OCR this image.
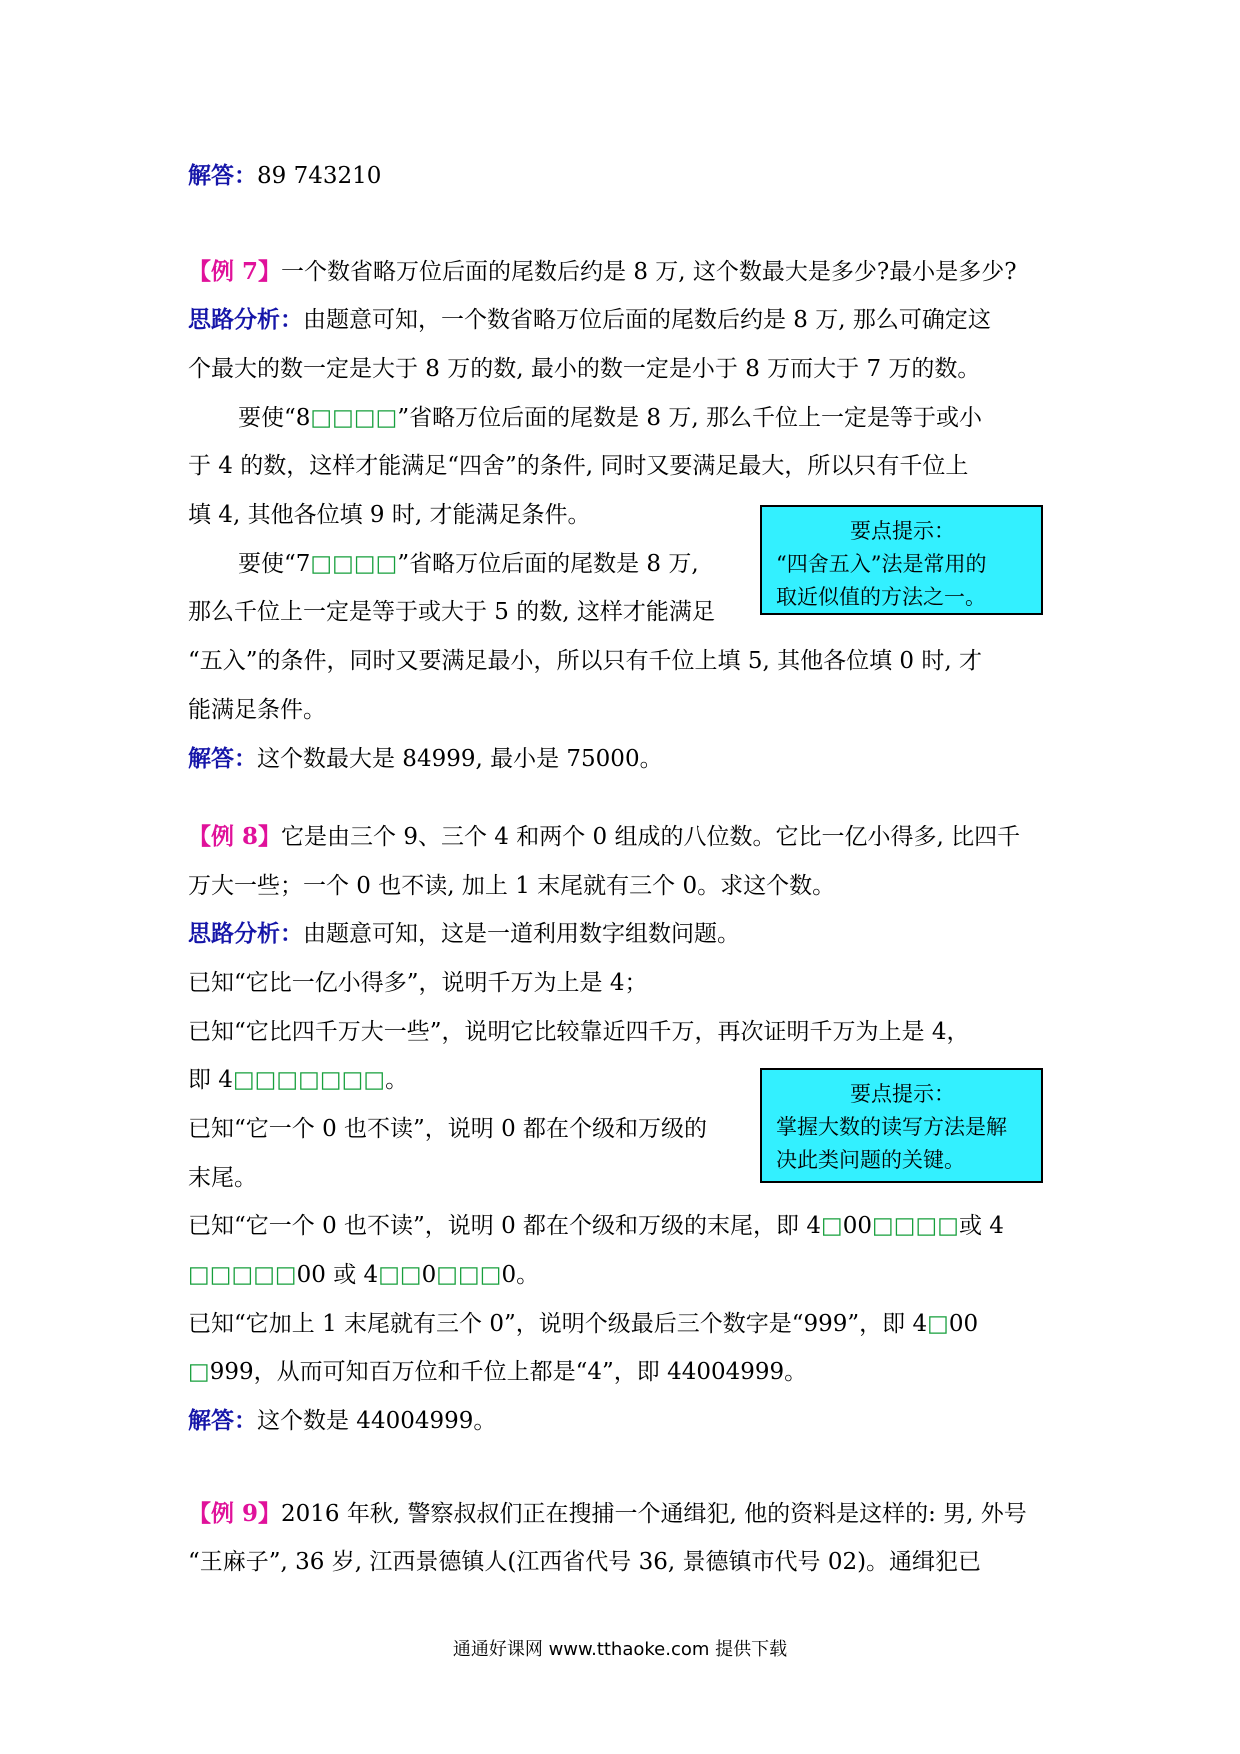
解答：89 743210
【例 7】一个数省略万位后面的尾数后约是 8 万, 这个数最大是多少?最小是多少?
思路分析：由题意可知，一个数省略万位后面的尾数后约是 8 万, 那么可确定这
个最大的数一定是大于 8 万的数, 最小的数一定是小于 8 万而大于 7 万的数。
要使“8□□□□”省略万位后面的尾数是 8 万, 那么千位上一定是等于或小
于 4 的数，这样才能满足“四舍”的条件, 同时又要满足最大，所以只有千位上
填 4, 其他各位填 9 时, 才能满足条件。
要使“7□□□□”省略万位后面的尾数是 8 万,
那么千位上一定是等于或大于 5 的数, 这样才能满足
“五入”的条件，同时又要满足最小，所以只有千位上填 5, 其他各位填 0 时, 才
能满足条件。
解答：这个数最大是 84999, 最小是 75000。
要点提示：
“四舍五入”法是常用的
取近似值的方法之一。
【例 8】它是由三个 9、三个 4 和两个 0 组成的八位数。它比一亿小得多, 比四千
万大一些；一个 0 也不读, 加上 1 末尾就有三个 0。求这个数。
思路分析：由题意可知，这是一道利用数字组数问题。
已知“它比一亿小得多”，说明千万为上是 4；
已知“它比四千万大一些”，说明它比较靠近四千万，再次证明千万为上是 4，
即 4□□□□□□□。
已知“它一个 0 也不读”，说明 0 都在个级和万级的
末尾。
已知“它一个 0 也不读”，说明 0 都在个级和万级的末尾，即 4□00□□□□或 4
□□□□□00 或 4□□0□□□0。
已知“它加上 1 末尾就有三个 0”，说明个级最后三个数字是“999”，即 4□00
□999，从而可知百万位和千位上都是“4”，即 44004999。
解答：这个数是 44004999。
要点提示：
掌握大数的读写方法是解
决此类问题的关键。
【例 9】2016 年秋, 警察叔叔们正在搜捕一个通缉犯, 他的资料是这样的: 男, 外号
“王麻子”, 36 岁, 江西景德镇人(江西省代号 36, 景德镇市代号 02)。通缉犯已
通通好课网 www.tthaoke.com 提供下载
